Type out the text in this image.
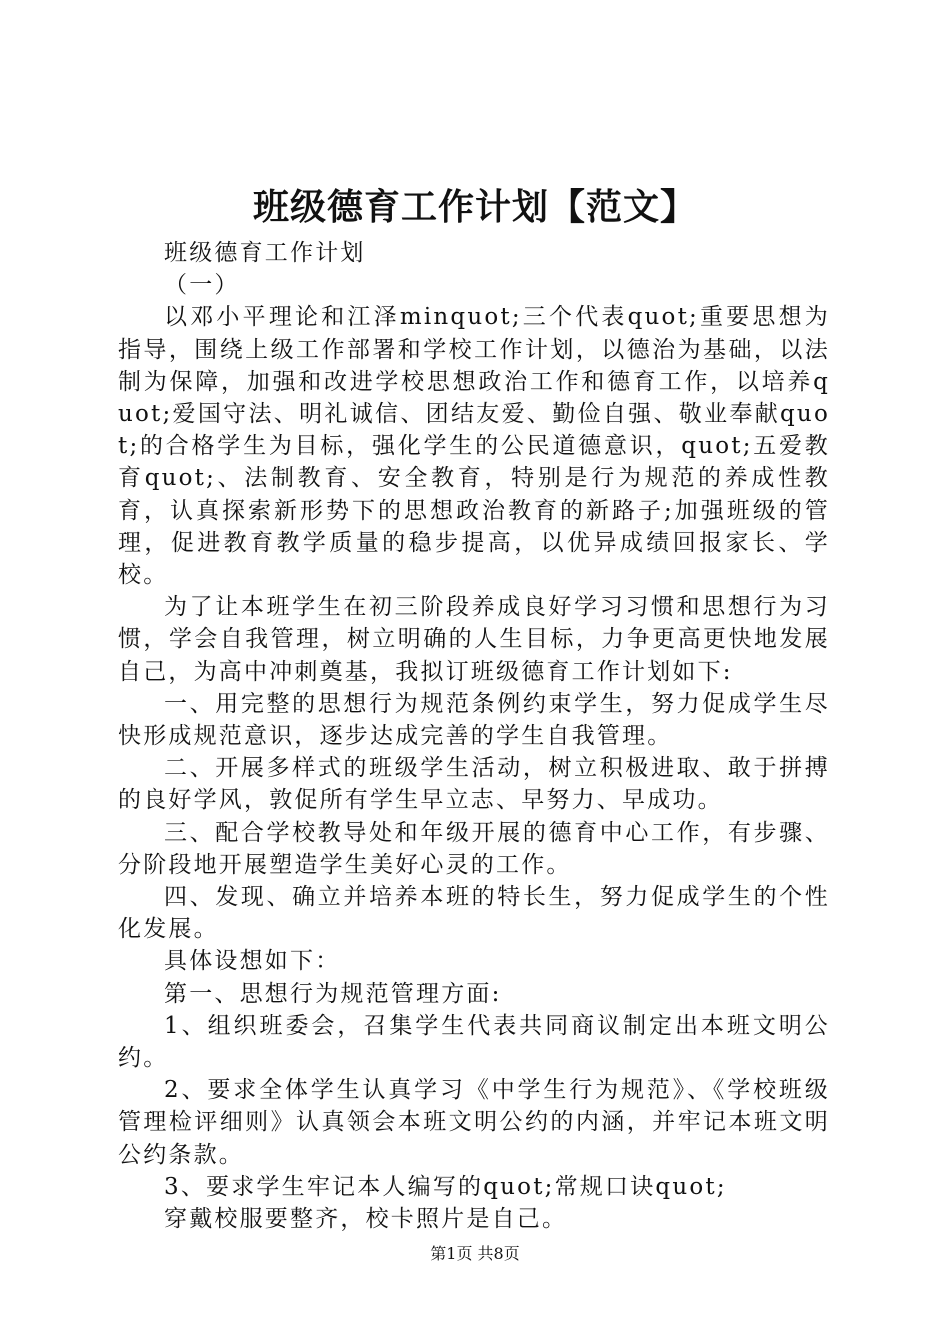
班级德育工作计划【范文】

班级德育工作计划

（一）

以邓小平理论和江泽minquot;三个代表quot;重要思想为指导，围绕上级工作部署和学校工作计划，以德治为基础，以法制为保障，加强和改进学校思想政治工作和德育工作，以培养quot;爱国守法、明礼诚信、团结友爱、勤俭自强、敬业奉献quot;的合格学生为目标，强化学生的公民道德意识，quot;五爱教育quot;、法制教育、安全教育，特别是行为规范的养成性教育，认真探索新形势下的思想政治教育的新路子;加强班级的管理，促进教育教学质量的稳步提高，以优异成绩回报家长、学校。

为了让本班学生在初三阶段养成良好学习习惯和思想行为习惯，学会自我管理，树立明确的人生目标，力争更高更快地发展自己，为高中冲刺奠基，我拟订班级德育工作计划如下:

一、用完整的思想行为规范条例约束学生，努力促成学生尽快形成规范意识，逐步达成完善的学生自我管理。

二、开展多样式的班级学生活动，树立积极进取、敢于拼搏的良好学风，敦促所有学生早立志、早努力、早成功。

三、配合学校教导处和年级开展的德育中心工作，有步骤、分阶段地开展塑造学生美好心灵的工作。

四、发现、确立并培养本班的特长生，努力促成学生的个性化发展。

具体设想如下：

第一、思想行为规范管理方面:

1、组织班委会，召集学生代表共同商议制定出本班文明公约。

2、要求全体学生认真学习《中学生行为规范》、《学校班级管理检评细则》认真领会本班文明公约的内涵，并牢记本班文明公约条款。

3、要求学生牢记本人编写的quot;常规口诀quot;

穿戴校服要整齐，校卡照片是自己。

第1页 共8页
